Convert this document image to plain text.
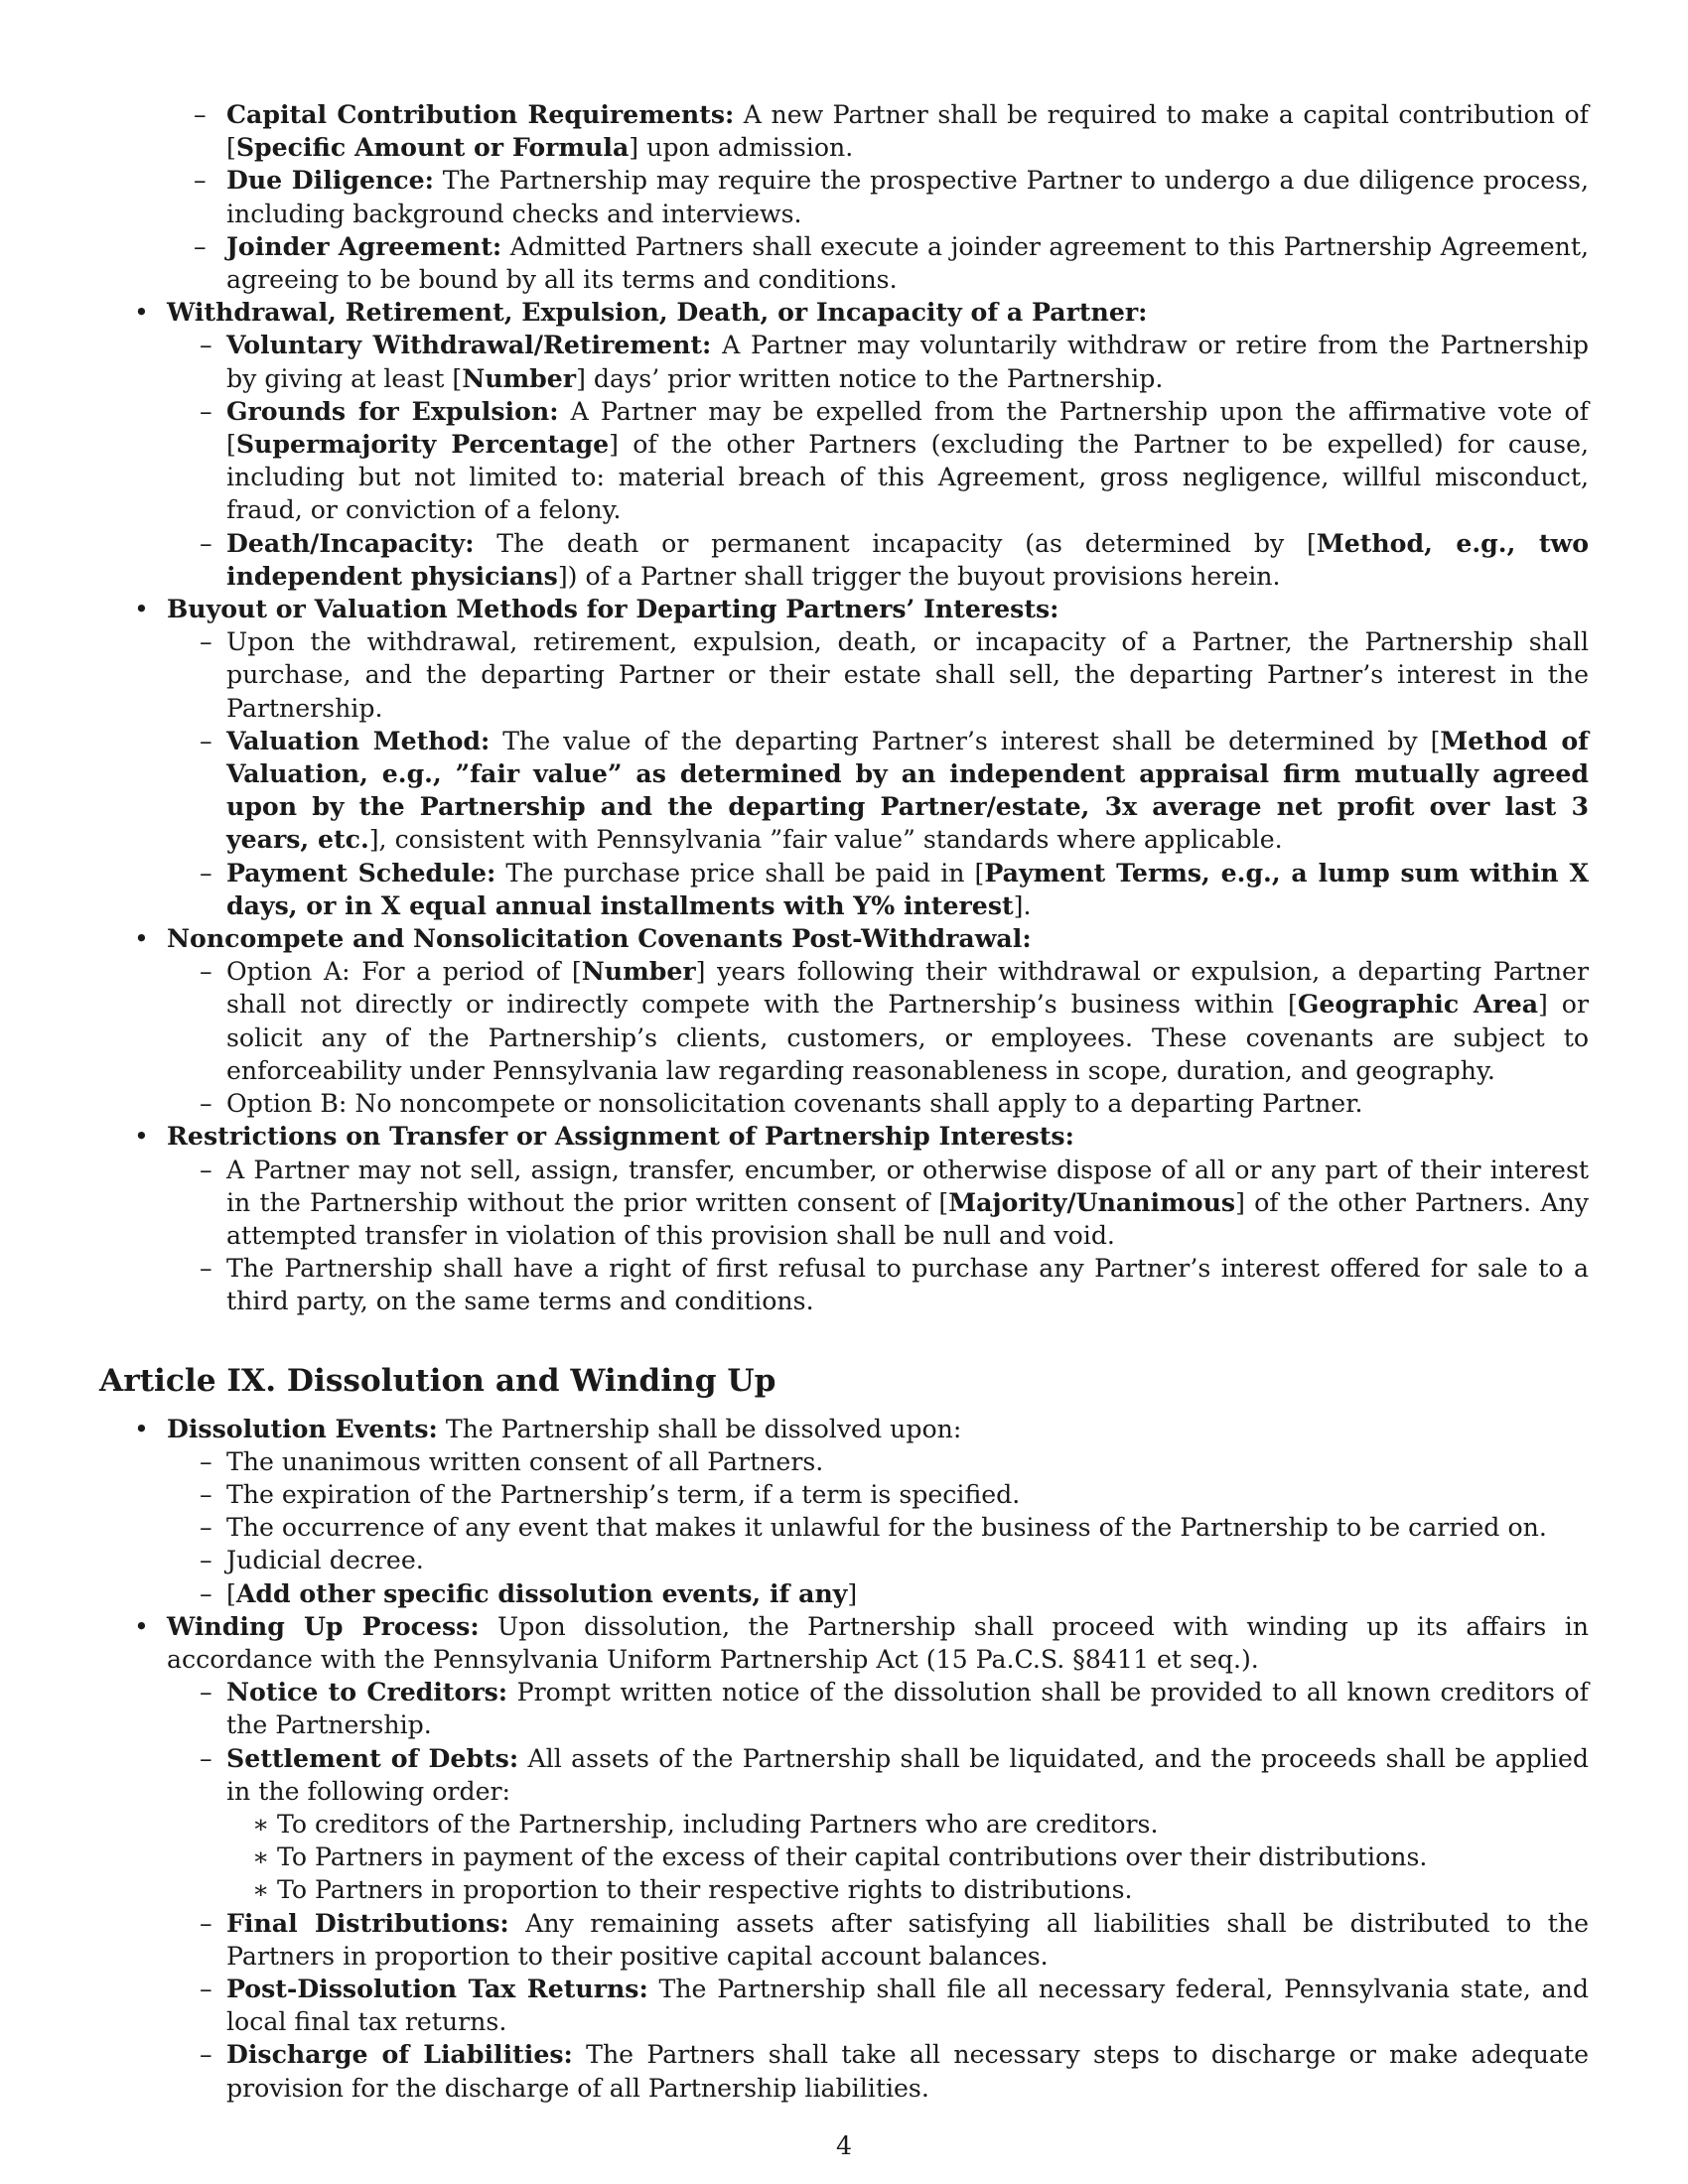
– Capital Contribution Requirements: A new Partner shall be required to make a capital contribution of [Specific Amount or Formula] upon admission.
– Due Diligence: The Partnership may require the prospective Partner to undergo a due diligence process, including background checks and interviews.
– Joinder Agreement: Admitted Partners shall execute a joinder agreement to this Partnership Agreement, agreeing to be bound by all its terms and conditions.
• Withdrawal, Retirement, Expulsion, Death, or Incapacity of a Partner:
– Voluntary Withdrawal/Retirement: A Partner may voluntarily withdraw or retire from the Partnership by giving at least [Number] days’ prior written notice to the Partnership.
– Grounds for Expulsion: A Partner may be expelled from the Partnership upon the affirmative vote of [Supermajority Percentage] of the other Partners (excluding the Partner to be expelled) for cause, including but not limited to: material breach of this Agreement, gross negligence, willful misconduct, fraud, or conviction of a felony.
– Death/Incapacity: The death or permanent incapacity (as determined by [Method, e.g., two independent physicians]) of a Partner shall trigger the buyout provisions herein.
• Buyout or Valuation Methods for Departing Partners’ Interests:
– Upon the withdrawal, retirement, expulsion, death, or incapacity of a Partner, the Partnership shall purchase, and the departing Partner or their estate shall sell, the departing Partner’s interest in the Partnership.
– Valuation Method: The value of the departing Partner’s interest shall be determined by [Method of Valuation, e.g., ”fair value” as determined by an independent appraisal firm mutually agreed upon by the Partnership and the departing Partner/estate, 3x average net profit over last 3 years, etc.], consistent with Pennsylvania ”fair value” standards where applicable.
– Payment Schedule: The purchase price shall be paid in [Payment Terms, e.g., a lump sum within X days, or in X equal annual installments with Y% interest].
• Noncompete and Nonsolicitation Covenants Post-Withdrawal:
– Option A: For a period of [Number] years following their withdrawal or expulsion, a departing Partner shall not directly or indirectly compete with the Partnership’s business within [Geographic Area] or solicit any of the Partnership’s clients, customers, or employees. These covenants are subject to enforceability under Pennsylvania law regarding reasonableness in scope, duration, and geography.
– Option B: No noncompete or nonsolicitation covenants shall apply to a departing Partner.
• Restrictions on Transfer or Assignment of Partnership Interests:
– A Partner may not sell, assign, transfer, encumber, or otherwise dispose of all or any part of their interest in the Partnership without the prior written consent of [Majority/Unanimous] of the other Partners. Any attempted transfer in violation of this provision shall be null and void.
– The Partnership shall have a right of first refusal to purchase any Partner’s interest offered for sale to a third party, on the same terms and conditions.
Article IX. Dissolution and Winding Up
• Dissolution Events: The Partnership shall be dissolved upon:
– The unanimous written consent of all Partners.
– The expiration of the Partnership’s term, if a term is specified.
– The occurrence of any event that makes it unlawful for the business of the Partnership to be carried on.
– Judicial decree.
– [Add other specific dissolution events, if any]
• Winding Up Process: Upon dissolution, the Partnership shall proceed with winding up its affairs in accordance with the Pennsylvania Uniform Partnership Act (15 Pa.C.S. §8411 et seq.).
– Notice to Creditors: Prompt written notice of the dissolution shall be provided to all known creditors of the Partnership.
– Settlement of Debts: All assets of the Partnership shall be liquidated, and the proceeds shall be applied in the following order:
∗ To creditors of the Partnership, including Partners who are creditors.
∗ To Partners in payment of the excess of their capital contributions over their distributions.
∗ To Partners in proportion to their respective rights to distributions.
– Final Distributions: Any remaining assets after satisfying all liabilities shall be distributed to the Partners in proportion to their positive capital account balances.
– Post-Dissolution Tax Returns: The Partnership shall file all necessary federal, Pennsylvania state, and local final tax returns.
– Discharge of Liabilities: The Partners shall take all necessary steps to discharge or make adequate provision for the discharge of all Partnership liabilities.
4
